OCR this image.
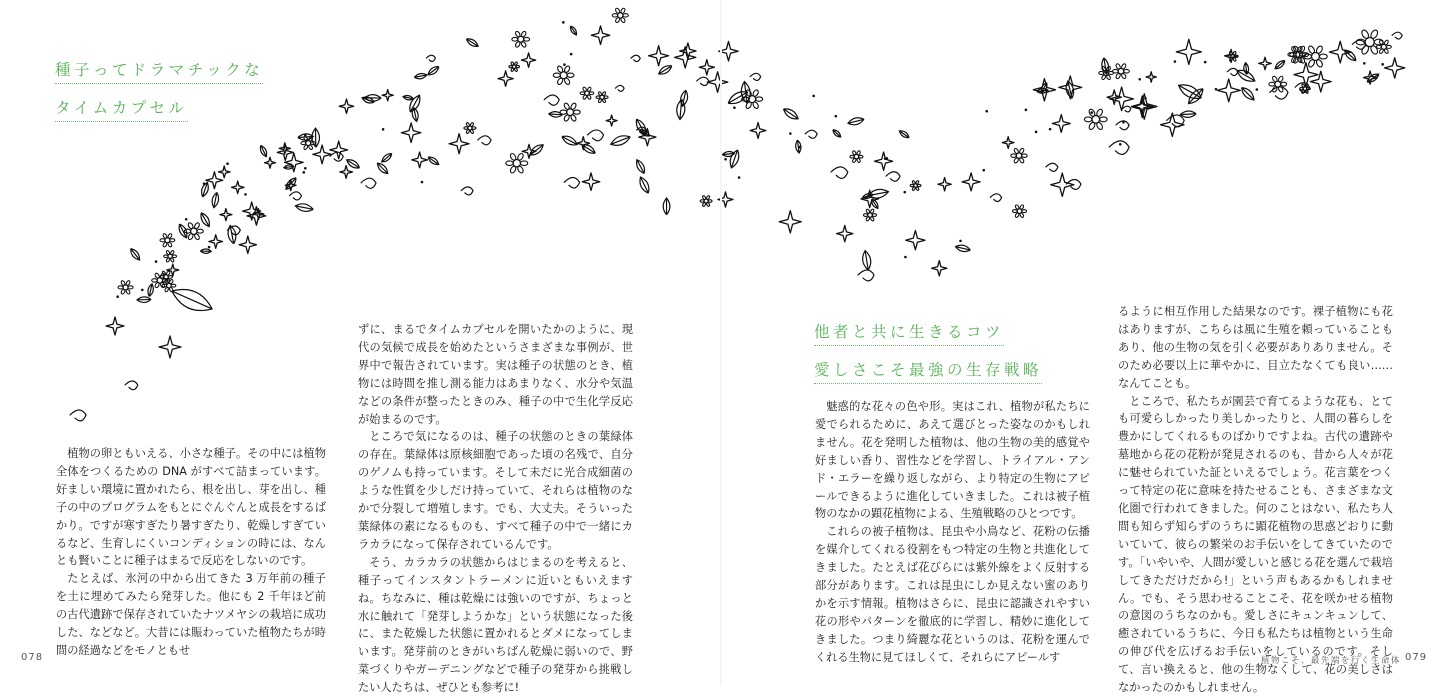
種子ってドラマチックな
タイムカプセル

植物の卵ともいえる、小さな種子。その中には植物全体をつくるための DNA がすべて詰まっています。好ましい環境に置かれたら、根を出し、芽を出し、種子の中のプログラムをもとにぐんぐんと成長をするばかり。ですが寒すぎたり暑すぎたり、乾燥しすぎているなど、生育しにくいコンディションの時には、なんとも賢いことに種子はまるで反応をしないのです。

たとえば、氷河の中から出てきた 3 万年前の種子を土に埋めてみたら発芽した。他にも 2 千年ほど前の古代遺跡で保存されていたナツメヤシの栽培に成功した、などなど。大昔には賑わっていた植物たちが時間の経過などをモノともせ

ずに、まるでタイムカプセルを開いたかのように、現代の気候で成長を始めたというさまざまな事例が、世界中で報告されています。実は種子の状態のとき、植物には時間を推し測る能力はあまりなく、水分や気温などの条件が整ったときのみ、種子の中で生化学反応が始まるのです。

ところで気になるのは、種子の状態のときの葉緑体の存在。葉緑体は原核細胞であった頃の名残で、自分のゲノムも持っています。そして未だに光合成細菌のような性質を少しだけ持っていて、それらは植物のなかで分裂して増殖します。でも、大丈夫。そういった葉緑体の素になるものも、すべて種子の中で一緒にカラカラになって保存されているんです。

そう、カラカラの状態からはじまるのを考えると、種子ってインスタントラーメンに近いともいえますね。ちなみに、種は乾燥には強いのですが、ちょっと水に触れて「発芽しようかな」という状態になった後に、また乾燥した状態に置かれるとダメになってしまいます。発芽前のときがいちばん乾燥に弱いので、野菜づくりやガーデニングなどで種子の発芽から挑戦したい人たちは、ぜひとも参考に!

078
他者と共に生きるコツ
愛しさこそ最強の生存戦略

魅惑的な花々の色や形。実はこれ、植物が私たちに愛でられるために、あえて選びとった姿なのかもしれません。花を発明した植物は、他の生物の美的感覚や好ましい香り、習性などを学習し、トライアル・アンド・エラーを繰り返しながら、より特定の生物にアピールできるように進化していきました。これは被子植物のなかの顕花植物による、生殖戦略のひとつです。

これらの被子植物は、昆虫や小鳥など、花粉の伝播を媒介してくれる役割をもつ特定の生物と共進化してきました。たとえば花びらには紫外線をよく反射する部分があります。これは昆虫にしか見えない蜜のありかを示す情報。植物はさらに、昆虫に認識されやすい花の形やパターンを徹底的に学習し、精妙に進化してきました。つまり綺麗な花というのは、花粉を運んでくれる生物に見てほしくて、それらにアピールす

るように相互作用した結果なのです。裸子植物にも花はありますが、こちらは風に生殖を頼っていることもあり、他の生物の気を引く必要がありありません。そのため必要以上に華やかに、目立たなくても良い……なんてことも。

ところで、私たちが園芸で育てるような花も、とても可愛らしかったり美しかったりと、人間の暮らしを豊かにしてくれるものばかりですよね。古代の遺跡や墓地から花の花粉が発見されるのも、昔から人々が花に魅せられていた証といえるでしょう。花言葉をつくって特定の花に意味を持たせることも、さまざまな文化圏で行われてきました。何のことはない、私たち人間も知らず知らずのうちに顕花植物の思惑どおりに動いていて、彼らの繁栄のお手伝いをしてきていたのです。「いやいや、人間が愛しいと感じる花を選んで栽培してきただけだから!」という声もあるかもしれません。でも、そう思わせることこそ、花を咲かせる植物の意図のうちなのかも。愛しさにキュンキュンして、癒されているうちに、今日も私たちは植物という生命の伸び代を広げるお手伝いをしているのです。そして、言い換えると、他の生物なくして、花の美しさはなかったのかもしれません。

植物こそ、最先端を行く生命体 079
